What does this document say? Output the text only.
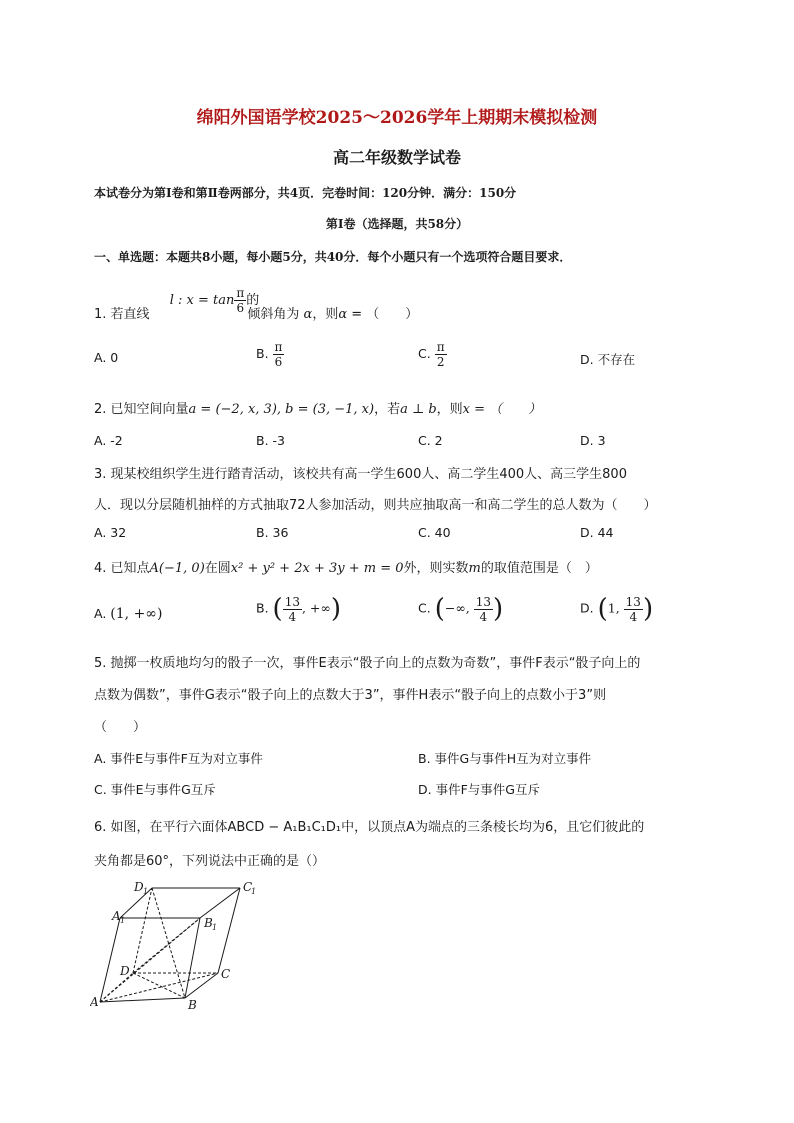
绵阳外国语学校2025～2026学年上期期末模拟检测
高二年级数学试卷
本试卷分为第Ⅰ卷和第Ⅱ卷两部分，共4页．完卷时间：120分钟．满分：150分
第Ⅰ卷（选择题，共58分）
一、单选题：本题共8小题，每小题5分，共40分．每个小题只有一个选项符合题目要求．
1. 若直线 l : $x = \tan \frac{\pi}{6}$ 的 倾斜角为 α，则α = （　　）
A. 0	B. $\frac{\pi}{6}$	C. $\frac{\pi}{2}$	D. 不存在
2. 已知空间向量a = (−2, x, 3), b = (3, −1, x)，若a ⊥ b，则x = （　　）
A. -2	B. -3	C. 2	D. 3
3. 现某校组织学生进行踏青活动，该校共有高一学生600人、高二学生400人、高三学生800
人．现以分层随机抽样的方式抽取72人参加活动，则共应抽取高一和高二学生的总人数为（　　）
A. 32	B. 36	C. 40	D. 44
4. 已知点A(−1, 0)在圆x² + y² + 2x + 3y + m = 0外，则实数m的取值范围是（　）
A. (1, +∞)	B. ( $\frac{13}{4}$ , +∞)	C. (−∞, $\frac{13}{4}$ )	D. (1, $\frac{13}{4}$ )
5. 抛掷一枚质地均匀的骰子一次，事件E表示“骰子向上的点数为奇数”，事件F表示“骰子向上的
点数为偶数”，事件G表示“骰子向上的点数大于3”，事件H表示“骰子向上的点数小于3”则
（　　）
A. 事件E与事件F互为对立事件	B. 事件G与事件H互为对立事件
C. 事件E与事件G互斥	D. 事件F与事件G互斥
6. 如图，在平行六面体ABCD − A₁B₁C₁D₁中，以顶点A为端点的三条棱长均为6，且它们彼此的
夹角都是60°，下列说法中正确的是（）
A	B
C
D
A 1	B 1
C
1
D 1
